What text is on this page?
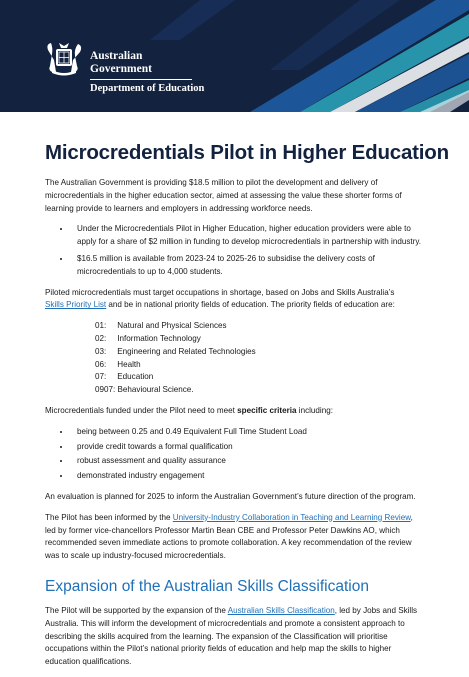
Australian Government
Department of Education
Microcredentials Pilot in Higher Education

The Australian Government is providing $18.5 million to pilot the development and delivery of microcredentials in the higher education sector, aimed at assessing the value these shorter forms of learning provide to learners and employers in addressing workforce needs.

• Under the Microcredentials Pilot in Higher Education, higher education providers were able to apply for a share of $2 million in funding to develop microcredentials in partnership with industry.
• $16.5 million is available from 2023-24 to 2025-26 to subsidise the delivery costs of microcredentials to up to 4,000 students.

Piloted microcredentials must target occupations in shortage, based on Jobs and Skills Australia’s
Skills Priority List and be in national priority fields of education. The priority fields of education are:

01: Natural and Physical Sciences
02: Information Technology
03: Engineering and Related Technologies
06: Health
07: Education
0907: Behavioural Science.

Microcredentials funded under the Pilot need to meet specific criteria including:

• being between 0.25 and 0.49 Equivalent Full Time Student Load
• provide credit towards a formal qualification
• robust assessment and quality assurance
• demonstrated industry engagement

An evaluation is planned for 2025 to inform the Australian Government’s future direction of the program.

The Pilot has been informed by the University-Industry Collaboration in Teaching and Learning Review, led by former vice-chancellors Professor Martin Bean CBE and Professor Peter Dawkins AO, which recommended seven immediate actions to promote collaboration. A key recommendation of the review was to scale up industry-focused microcredentials.

Expansion of the Australian Skills Classification

The Pilot will be supported by the expansion of the Australian Skills Classification, led by Jobs and Skills Australia. This will inform the development of microcredentials and promote a consistent approach to describing the skills acquired from the learning. The expansion of the Classification will prioritise occupations within the Pilot’s national priority fields of education and help map the skills to higher education qualifications.
